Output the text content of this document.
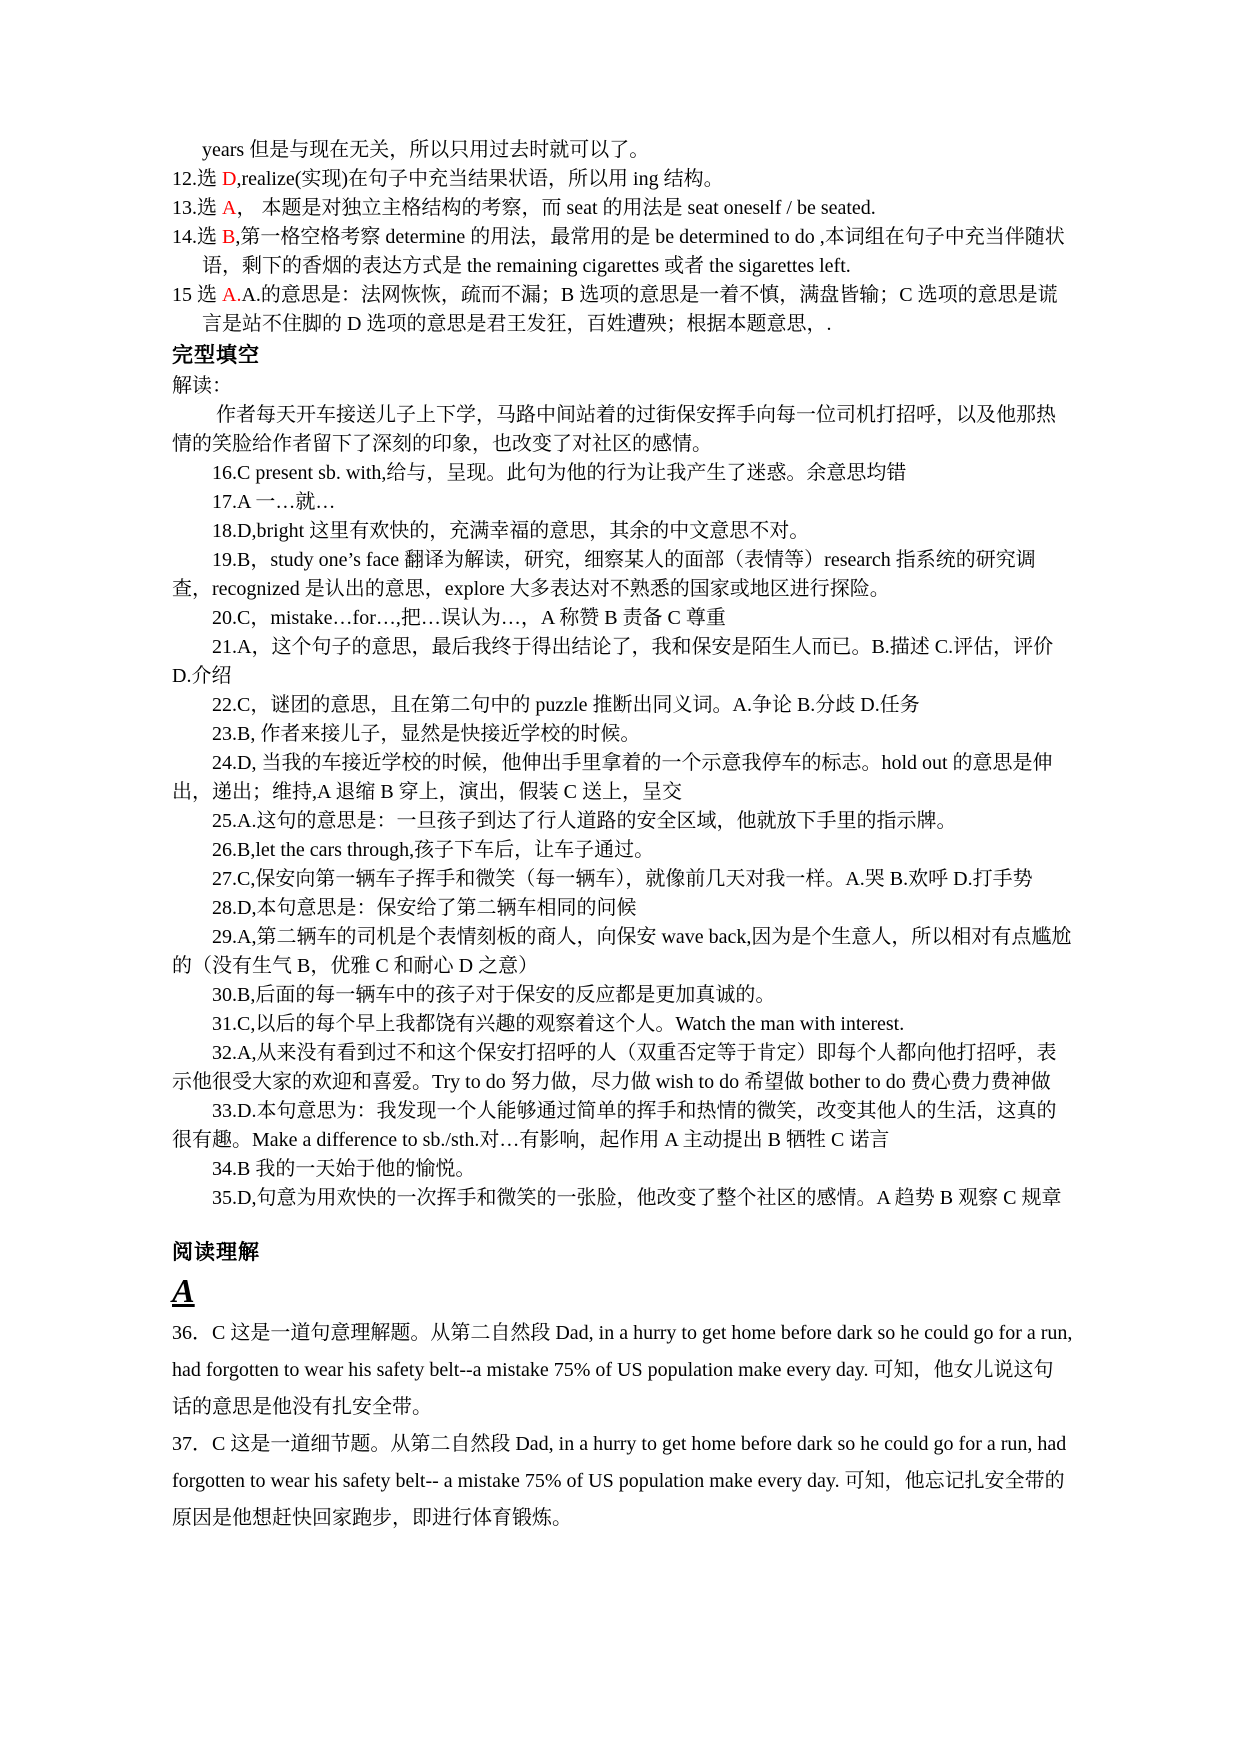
years 但是与现在无关，所以只用过去时就可以了。

12.选 D,realize(实现)在句子中充当结果状语，所以用 ing 结构。

13.选 A， 本题是对独立主格结构的考察，而 seat 的用法是 seat oneself / be seated.

14.选 B,第一格空格考察 determine 的用法，最常用的是 be determined to do ,本词组在句子中充当伴随状语，剩下的香烟的表达方式是 the remaining cigarettes 或者 the sigarettes left.

15 选 A.A.的意思是：法网恢恢，疏而不漏；B 选项的意思是一着不慎，满盘皆输；C 选项的意思是谎言是站不住脚的 D 选项的意思是君王发狂，百姓遭殃；根据本题意思，.

完型填空

解读：

作者每天开车接送儿子上下学，马路中间站着的过街保安挥手向每一位司机打招呼，以及他那热情的笑脸给作者留下了深刻的印象，也改变了对社区的感情。

16.C present sb. with,给与，呈现。此句为他的行为让我产生了迷惑。余意思均错

17.A 一…就…

18.D,bright 这里有欢快的，充满幸福的意思，其余的中文意思不对。

19.B，study one’s face 翻译为解读，研究，细察某人的面部（表情等）research 指系统的研究调查，recognized 是认出的意思，explore 大多表达对不熟悉的国家或地区进行探险。

20.C，mistake…for…,把…误认为…，A 称赞 B 责备 C 尊重

21.A，这个句子的意思，最后我终于得出结论了，我和保安是陌生人而已。B.描述 C.评估，评价 D.介绍

22.C，谜团的意思，且在第二句中的 puzzle 推断出同义词。A.争论 B.分歧 D.任务

23.B, 作者来接儿子，显然是快接近学校的时候。

24.D, 当我的车接近学校的时候，他伸出手里拿着的一个示意我停车的标志。hold out 的意思是伸出，递出；维持,A 退缩 B 穿上，演出，假装 C 送上，呈交

25.A.这句的意思是：一旦孩子到达了行人道路的安全区域，他就放下手里的指示牌。

26.B,let the cars through,孩子下车后，让车子通过。

27.C,保安向第一辆车子挥手和微笑（每一辆车），就像前几天对我一样。A.哭 B.欢呼 D.打手势

28.D,本句意思是：保安给了第二辆车相同的问候

29.A,第二辆车的司机是个表情刻板的商人，向保安 wave back,因为是个生意人，所以相对有点尴尬的（没有生气 B，优雅 C 和耐心 D 之意）

30.B,后面的每一辆车中的孩子对于保安的反应都是更加真诚的。

31.C,以后的每个早上我都饶有兴趣的观察着这个人。Watch the man with interest.

32.A,从来没有看到过不和这个保安打招呼的人（双重否定等于肯定）即每个人都向他打招呼，表示他很受大家的欢迎和喜爱。Try to do 努力做，尽力做 wish to do 希望做 bother to do 费心费力费神做

33.D.本句意思为：我发现一个人能够通过简单的挥手和热情的微笑，改变其他人的生活，这真的很有趣。Make a difference to sb./sth.对…有影响，起作用 A 主动提出 B 牺牲 C 诺言

34.B 我的一天始于他的愉悦。

35.D,句意为用欢快的一次挥手和微笑的一张脸，他改变了整个社区的感情。A 趋势 B 观察 C 规章

阅读理解
A

36．C 这是一道句意理解题。从第二自然段 Dad, in a hurry to get home before dark so he could go for a run, had forgotten to wear his safety belt--a mistake 75% of US population make every day. 可知，他女儿说这句话的意思是他没有扎安全带。

37．C 这是一道细节题。从第二自然段 Dad, in a hurry to get home before dark so he could go for a run, had forgotten to wear his safety belt-- a mistake 75% of US population make every day. 可知，他忘记扎安全带的原因是他想赶快回家跑步，即进行体育锻炼。
